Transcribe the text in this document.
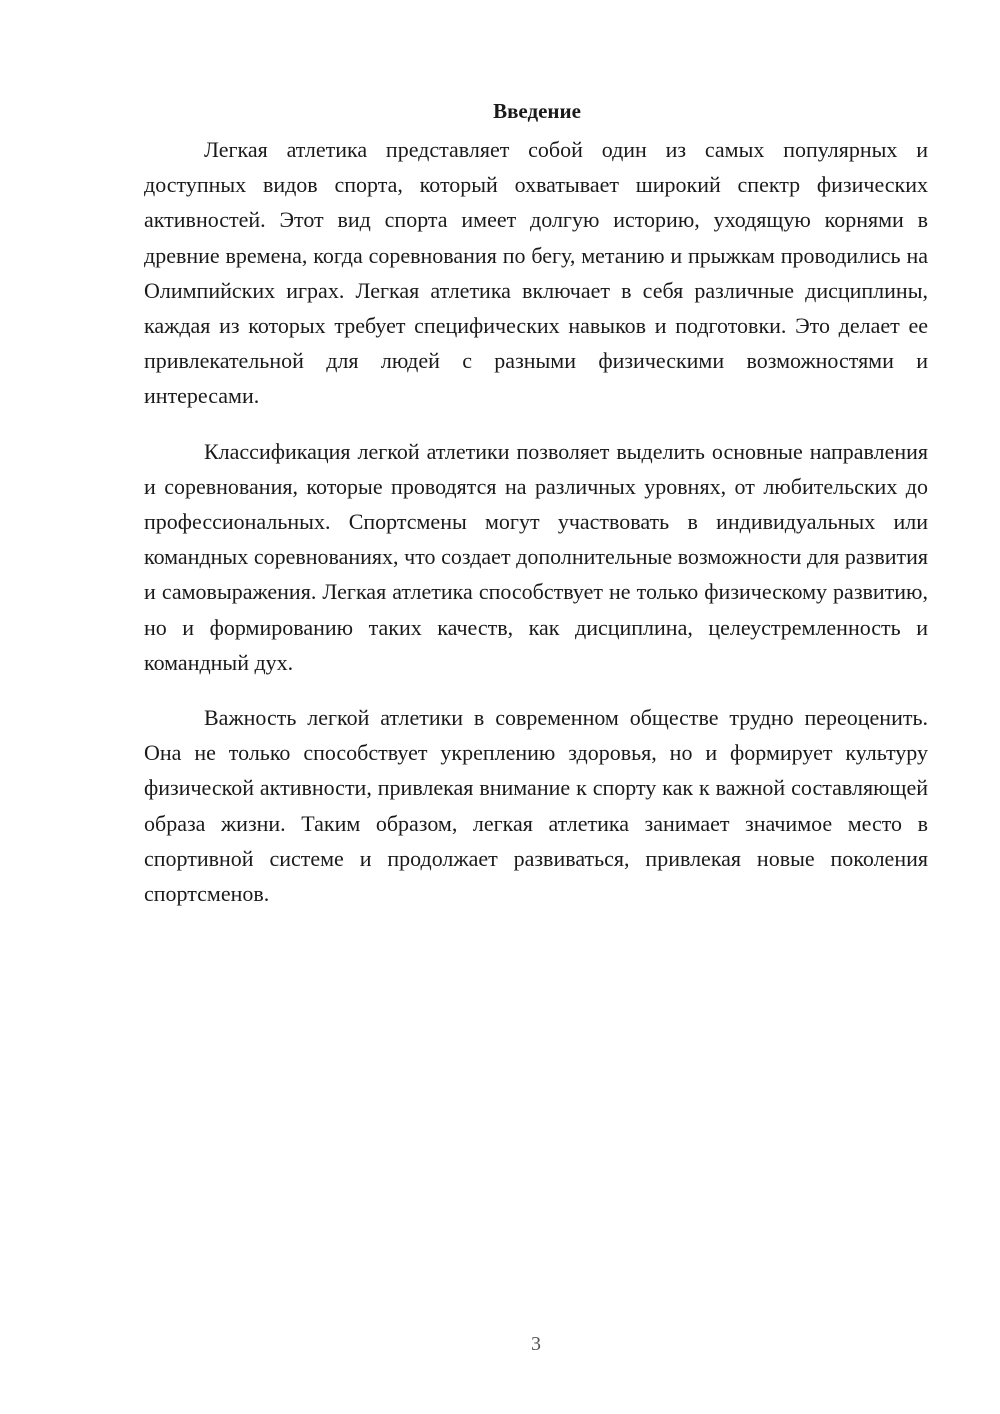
Введение

Легкая атлетика представляет собой один из самых популярных и доступных видов спорта, который охватывает широкий спектр физических активностей. Этот вид спорта имеет долгую историю, уходящую корнями в древние времена, когда соревнования по бегу, метанию и прыжкам проводились на Олимпийских играх. Легкая атлетика включает в себя различные дисциплины, каждая из которых требует специфических навыков и подготовки. Это делает ее привлекательной для людей с разными физическими возможностями и интересами.

Классификация легкой атлетики позволяет выделить основные направления и соревнования, которые проводятся на различных уровнях, от любительских до профессиональных. Спортсмены могут участвовать в индивидуальных или командных соревнованиях, что создает дополнительные возможности для развития и самовыражения. Легкая атлетика способствует не только физическому развитию, но и формированию таких качеств, как дисциплина, целеустремленность и командный дух.

Важность легкой атлетики в современном обществе трудно переоценить. Она не только способствует укреплению здоровья, но и формирует культуру физической активности, привлекая внимание к спорту как к важной составляющей образа жизни. Таким образом, легкая атлетика занимает значимое место в спортивной системе и продолжает развиваться, привлекая новые поколения спортсменов.

3
